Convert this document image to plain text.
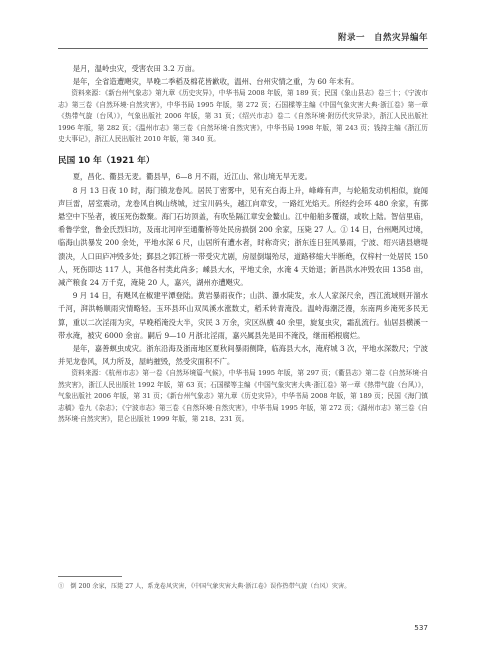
附录一　自然灾异编年

是月，温岭虫灾，受害农田 3.2 万亩。

是年，全省造遭飓灾，旱晚二季稻及棉花皆歉收，温州、台州灾情之重，为 60 年未有。

资料来源：《新台州气象志》第九章《历史灾异》，中华书局 2008 年版，第 189 页；民国《象山县志》卷三十；《宁波市志》第三卷《自然环境·自然灾害》，中华书局 1995 年版，第 272 页；石国樑等主编《中国气象灾害大典·浙江卷》第一章《热带气旋（台风）》，气象出版社 2006 年版，第 31 页；《绍兴市志》卷二《自然环境·附历代灾异录》，浙江人民出版社 1996 年版，第 282 页；《温州市志》第三卷《自然环境·自然灾害》，中华书局 1998 年版，第 243 页；钱持主编《浙江历史大事记》，浙江人民出版社 2010 年版，第 340 页。

民国 10 年（1921 年）

夏，昌化、衢县无麦。衢县旱，6—8 月不雨，近江山、常山境无旱无麦。

8 月 13 日夜 10 时，海门镇龙卷风。居民丁密雾中，见有充白海上升，峰峰有声，与轮船发动机相似，旋闻声巨雷，居室震动，龙卷风自枫山绕城，过宝川码头，越江向章安，一路红光焰天。所经约会环 480 余家，有掷悬空中下坠者，被压死伤数聚。海门石坊顶盖，有吹坠隔江章安金鳌山。江中船舶多覆溺，或吹上陆。智信里庙，希鲁学堂，鲁金氏烈妇坊，及南北河岸至通衢桥等处民房损倒 200 余家，压毙 27 人。① 14 日，台州飓风过境，临海山洪暴发 200 余处，平地水深 6 尺，山居所有遭水者，时称奇灾；浙东连日狂风暴雨，宁波、绍兴诸县塘堤溃决，人口田庐冲毁多处；鄞县之郭江桥一带受灾尤剧，房屋倒塌殆尽，道路移缩大半断绝，仅梓村一处居民 150 人，死伤即达 117 人，其他各村类此尚多；嵊县大水，平地丈余，水淹 4 天始退；新昌洪水冲毁农田 1358 亩，减产粮食 24 万千克，淹毙 20 人，嘉兴，湖州亦遭飓灾。

9 月 14 日，有飓风在椒建平潭登陆。黄岩暴雨夜作；山洪、瀑水陡发，水人人家深尺余，西江流域则开溜水千河，湃洪畅顺雨灾情略轻。玉环县环山双凤溪水涨数丈，稻禾转青淹没。温岭海潮泛漫，东南两乡淹死多民无算，重以二次淫雨为灾，早晚稻淹没大半，灾民 3 万余，灾区纵横 40 余里，旋复虫灾，霜乱流行。仙居县横溪一带水淹，被灾 6000 余亩。嗣后 9—10 月浙北淫雨，嘉兴属县先是田不淹没，继而稻根腐烂。

是年，嘉善螟虫成灾。浙东沿海及浙南地区夏秋间暴雨侧降，临海县大水，淹府城 3 次，平地水深数尺；宁波并见龙卷风，风力所及，屋屿摧毁，然受灾面积不广。

资料来源：《杭州市志》第一卷《自然环境篇·气候》，中华书局 1995 年版，第 297 页；《衢县志》第二卷《自然环境·自然灾害》，浙江人民出版社 1992 年版，第 63 页；石国樑等主编《中国气象灾害大典·浙江卷》第一章《热带气旋（台风）》，气象出版社 2006 年版，第 31 页；《新台州气象志》第九章《历史灾异》，中华书局 2008 年版，第 189 页；民国《海门镇志稿》卷九《杂志》；《宁波市志》第三卷《自然环境·自然灾害》，中华书局 1995 年版，第 272 页；《湖州市志》第三卷《自然环境·自然灾害》，昆仑出版社 1999 年版，第 218、231 页。

①　倒 200 余家，压毙 27 人，系龙卷风灾害，《中国气象灾害大典·浙江卷》误作热带气旋（台风）灾害。

537
